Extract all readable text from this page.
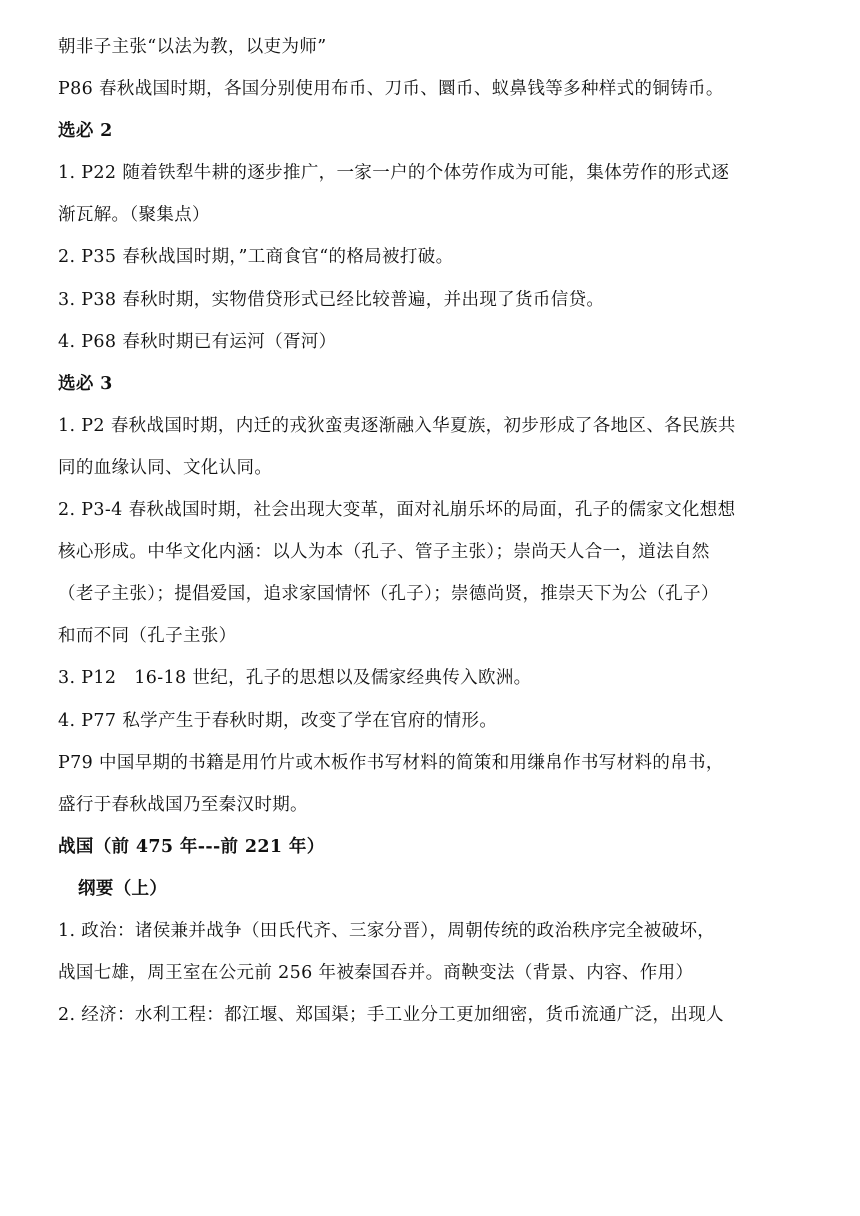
朝非子主张“以法为教，以吏为师”
P86 春秋战国时期，各国分别使用布币、刀币、圜币、蚁鼻钱等多种样式的铜铸币。
选必 2
1. P22 随着铁犁牛耕的逐步推广，一家一户的个体劳作成为可能，集体劳作的形式逐
渐瓦解。（聚集点）
2. P35 春秋战国时期，”工商食官“的格局被打破。
3. P38 春秋时期，实物借贷形式已经比较普遍，并出现了货币信贷。
4. P68 春秋时期已有运河（胥河）
选必 3
1. P2 春秋战国时期，内迁的戎狄蛮夷逐渐融入华夏族，初步形成了各地区、各民族共
同的血缘认同、文化认同。
2. P3-4 春秋战国时期，社会出现大变革，面对礼崩乐坏的局面，孔子的儒家文化想想
核心形成。中华文化内涵：以人为本（孔子、管子主张）；崇尚天人合一，道法自然
（老子主张）；提倡爱国，追求家国情怀（孔子）；崇德尚贤，推崇天下为公（孔子）
和而不同（孔子主张）
3. P12　16-18 世纪，孔子的思想以及儒家经典传入欧洲。
4. P77 私学产生于春秋时期，改变了学在官府的情形。
P79 中国早期的书籍是用竹片或木板作书写材料的简策和用缣帛作书写材料的帛书，
盛行于春秋战国乃至秦汉时期。
战国（前 475 年---前 221 年）
纲要（上）
1. 政治：诸侯兼并战争（田氏代齐、三家分晋），周朝传统的政治秩序完全被破坏，
战国七雄，周王室在公元前 256 年被秦国吞并。商鞅变法（背景、内容、作用）
2. 经济：水利工程：都江堰、郑国渠；手工业分工更加细密，货币流通广泛，出现人
